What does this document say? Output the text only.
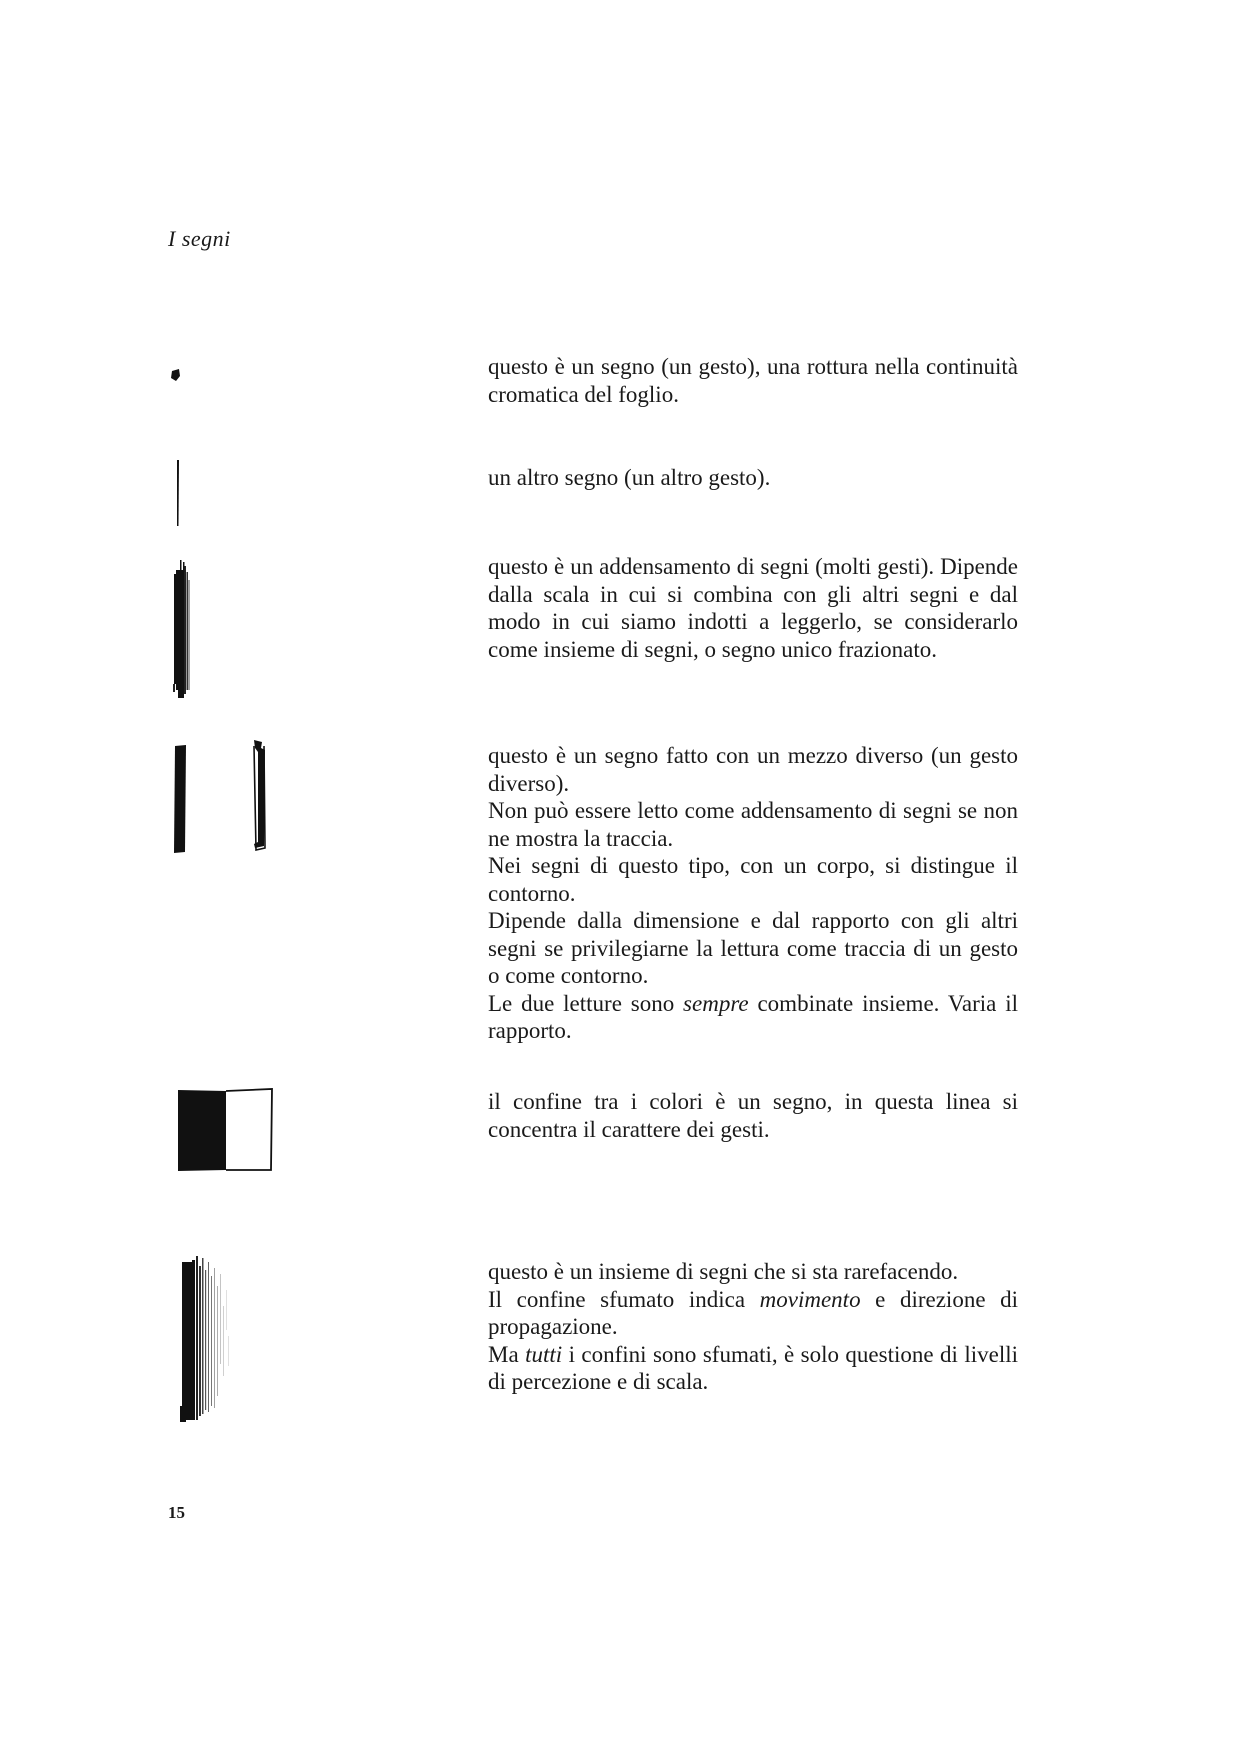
I segni

questo è un segno (un gesto), una rottura nella continuità cromatica del foglio.

un altro segno (un altro gesto).

questo è un addensamento di segni (molti gesti). Dipende dalla scala in cui si combina con gli altri segni e dal modo in cui siamo indotti a leggerlo, se considerarlo come insieme di segni, o segno unico frazionato.

questo è un segno fatto con un mezzo diverso (un gesto diverso).

Non può essere letto come addensamento di segni se non ne mostra la traccia.

Nei segni di questo tipo, con un corpo, si distingue il contorno.

Dipende dalla dimensione e dal rapporto con gli altri segni se privilegiarne la lettura come traccia di un gesto o come contorno.

Le due letture sono sempre combinate insieme. Varia il rapporto.

il confine tra i colori è un segno, in questa linea si concentra il carattere dei gesti.

questo è un insieme di segni che si sta rarefacendo.

Il confine sfumato indica movimento e direzione di propagazione.

Ma tutti i confini sono sfumati, è solo questione di livelli di percezione e di scala.

15
